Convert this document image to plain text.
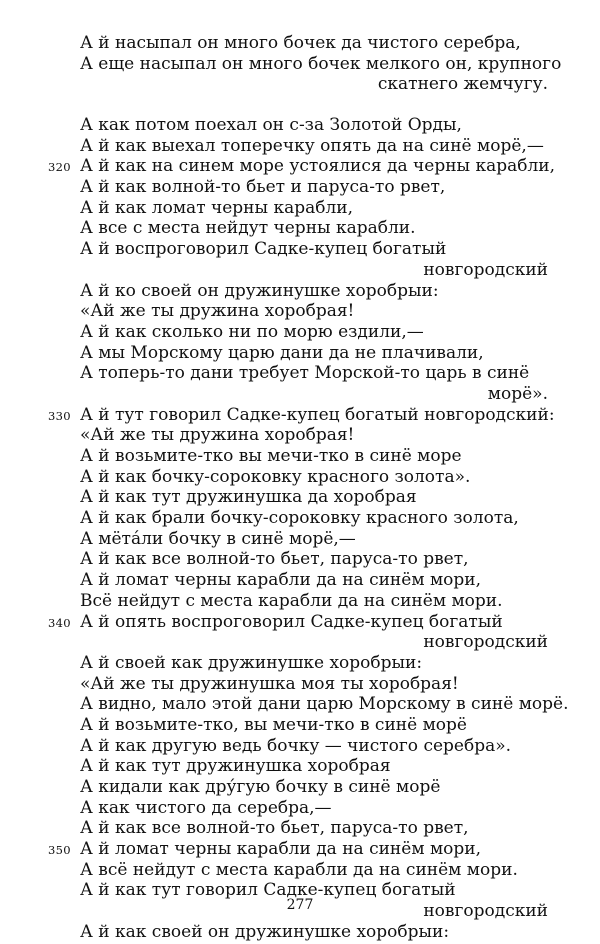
А й насыпал он много бочек да чистого серебра,
А еще насыпал он много бочек мелкого он, крупного
скатнего жемчугу.
А как потом поехал он с-за Золотой Орды,
А й как выехал топеречку опять да на синё морё,—
320 А й как на синем море устоялися да черны карабли,
А й как волной-то бьет и паруса-то рвет,
А й как ломат черны карабли,
А все с места нейдут черны карабли.
А й воспроговорил Садке-купец богатый
новгородский
А й ко своей он дружинушке хоробрыи:
«Ай же ты дружина хоробрая!
А й как сколько ни по морю ездили,—
А мы Морскому царю дани да не плачивали,
А топерь-то дани требует Морской-то царь в синё
морё».
330 А й тут говорил Садке-купец богатый новгородский:
«Ай же ты дружина хоробрая!
А й возьмите-тко вы мечи-тко в синё море
А й как бочку-сороковку красного золота».
А й как тут дружинушка да хоробрая
А й как брали бочку-сороковку красного золота,
А мётáли бочку в синё морё,—
А й как все волной-то бьет, паруса-то рвет,
А й ломат черны карабли да на синём мори,
Всё нейдут с места карабли да на синём мори.
340 А й опять воспроговорил Садке-купец богатый
новгородский
А й своей как дружинушке хоробрыи:
«Ай же ты дружинушка моя ты хоробрая!
А видно, мало этой дани царю Морскому в синё морё.
А й возьмите-тко, вы мечи-тко в синё морё
А й как другую ведь бочку — чистого серебра».
А й как тут дружинушка хоробрая
А кидали как дру́гую бочку в синё морё
А как чистого да серебра,—
А й как все волной-то бьет, паруса-то рвет,
350 А й ломат черны карабли да на синём мори,
А всё нейдут с места карабли да на синём мори.
А й как тут говорил Садке-купец богатый
новгородский
А й как своей он дружинушке хоробрыи:
277
